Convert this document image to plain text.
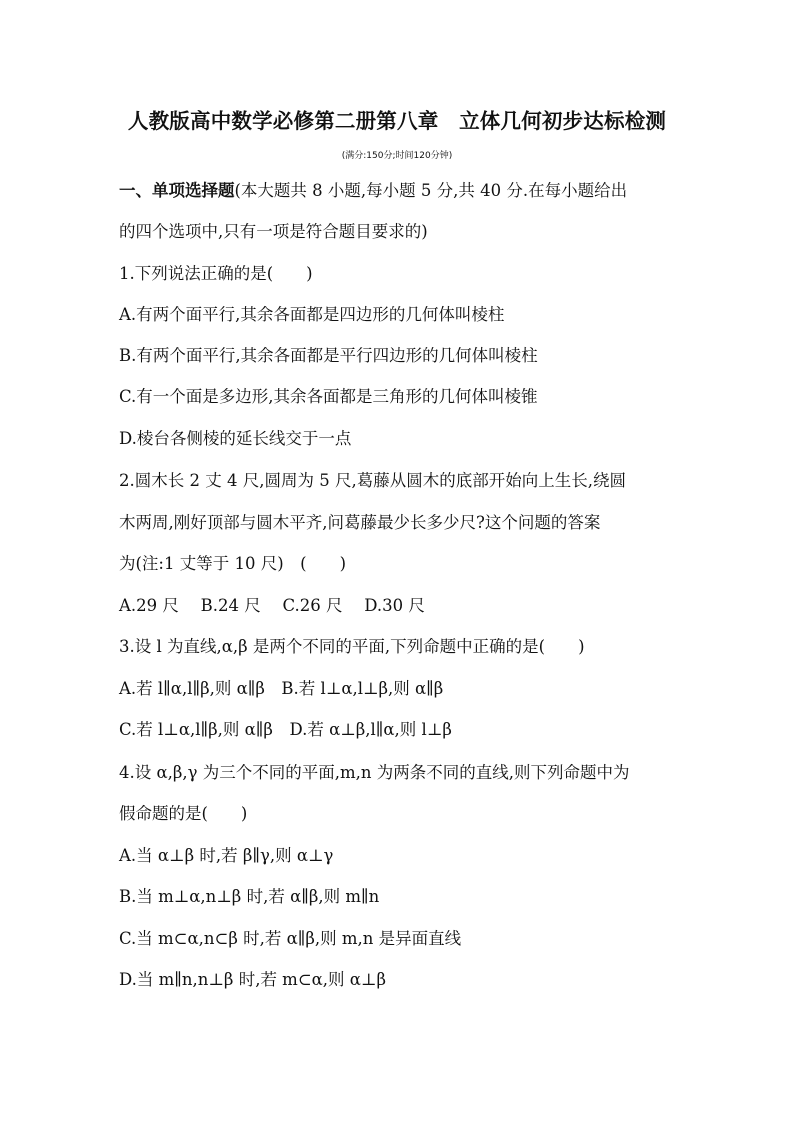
人教版高中数学必修第二册第八章　立体几何初步达标检测
(满分:150分;时间120分钟)
一、单项选择题(本大题共 8 小题,每小题 5 分,共 40 分.在每小题给出
的四个选项中,只有一项是符合题目要求的)
1.下列说法正确的是(　　)
A.有两个面平行,其余各面都是四边形的几何体叫棱柱
B.有两个面平行,其余各面都是平行四边形的几何体叫棱柱
C.有一个面是多边形,其余各面都是三角形的几何体叫棱锥
D.棱台各侧棱的延长线交于一点
2.圆木长 2 丈 4 尺,圆周为 5 尺,葛藤从圆木的底部开始向上生长,绕圆
木两周,刚好顶部与圆木平齐,问葛藤最少长多少尺?这个问题的答案
为(注:1 丈等于 10 尺)　(　　)
A.29 尺　 B.24 尺　 C.26 尺　 D.30 尺
3.设 l 为直线,α,β 是两个不同的平面,下列命题中正确的是(　　)
A.若 l∥α,l∥β,则 α∥β　B.若 l⊥α,l⊥β,则 α∥β
C.若 l⊥α,l∥β,则 α∥β　D.若 α⊥β,l∥α,则 l⊥β
4.设 α,β,γ 为三个不同的平面,m,n 为两条不同的直线,则下列命题中为
假命题的是(　　)
A.当 α⊥β 时,若 β∥γ,则 α⊥γ
B.当 m⊥α,n⊥β 时,若 α∥β,则 m∥n
C.当 m⊂α,n⊂β 时,若 α∥β,则 m,n 是异面直线
D.当 m∥n,n⊥β 时,若 m⊂α,则 α⊥β
